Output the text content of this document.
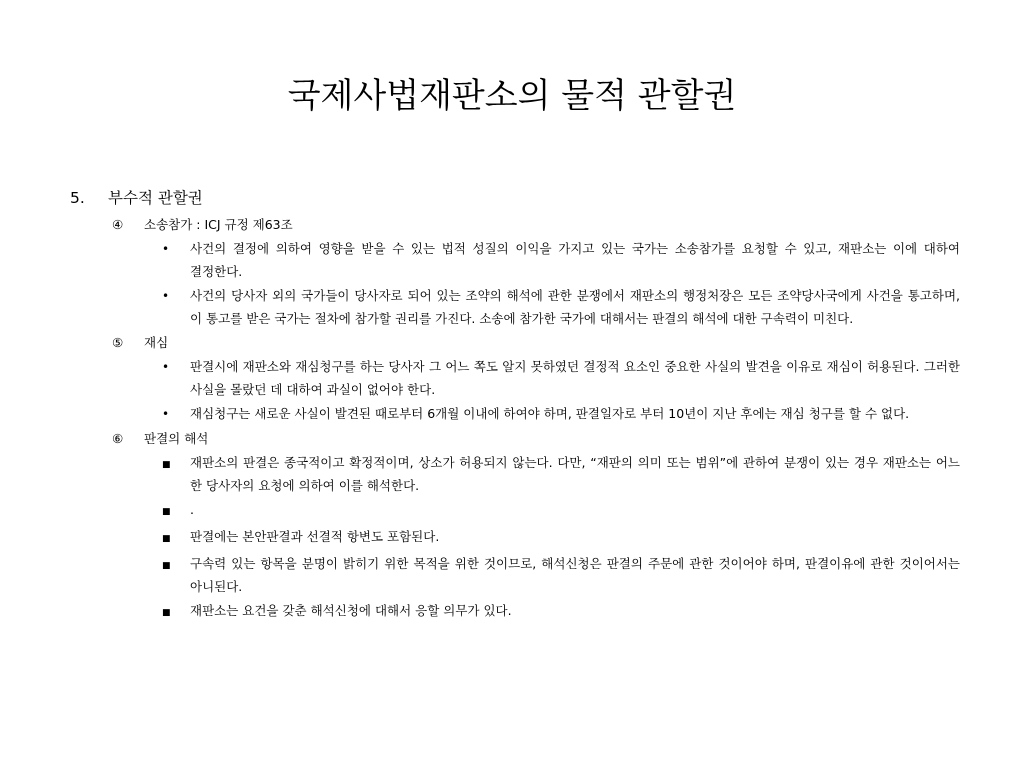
국제사법재판소의 물적 관할권
5.	부수적 관할권
④	소송참가 : ICJ 규정 제63조
•	사건의 결정에 의하여 영향을 받을 수 있는 법적 성질의 이익을 가지고 있는 국가는 소송참가를 요청할 수 있고, 재판소는 이에 대하여 결정한다.
•	사건의 당사자 외의 국가들이 당사자로 되어 있는 조약의 해석에 관한 분쟁에서 재판소의 행정처장은 모든 조약당사국에게 사건을 통고하며, 이 통고를 받은 국가는 절차에 참가할 권리를 가진다. 소송에 참가한 국가에 대해서는 판결의 해석에 대한 구속력이 미친다.
⑤	재심
•	판결시에 재판소와 재심청구를 하는 당사자 그 어느 쪽도 알지 못하였던 결정적 요소인 중요한 사실의 발견을 이유로 재심이 허용된다. 그러한 사실을 몰랐던 데 대하여 과실이 없어야 한다.
•	재심청구는 새로운 사실이 발견된 때로부터 6개월 이내에 하여야 하며, 판결일자로 부터 10년이 지난 후에는 재심 청구를 할 수 없다.
⑥	판결의 해석
■	재판소의 판결은 종국적이고 확정적이며, 상소가 허용되지 않는다. 다만, “재판의 의미 또는 범위”에 관하여 분쟁이 있는 경우 재판소는 어느 한 당사자의 요청에 의하여 이를 해석한다.
■	.
■	판결에는 본안판결과 선결적 항변도 포함된다.
■	구속력 있는 항목을 분명이 밝히기 위한 목적을 위한 것이므로, 해석신청은 판결의 주문에 관한 것이어야 하며, 판결이유에 관한 것이어서는 아니된다.
■	재판소는 요건을 갖춘 해석신청에 대해서 응할 의무가 있다.
